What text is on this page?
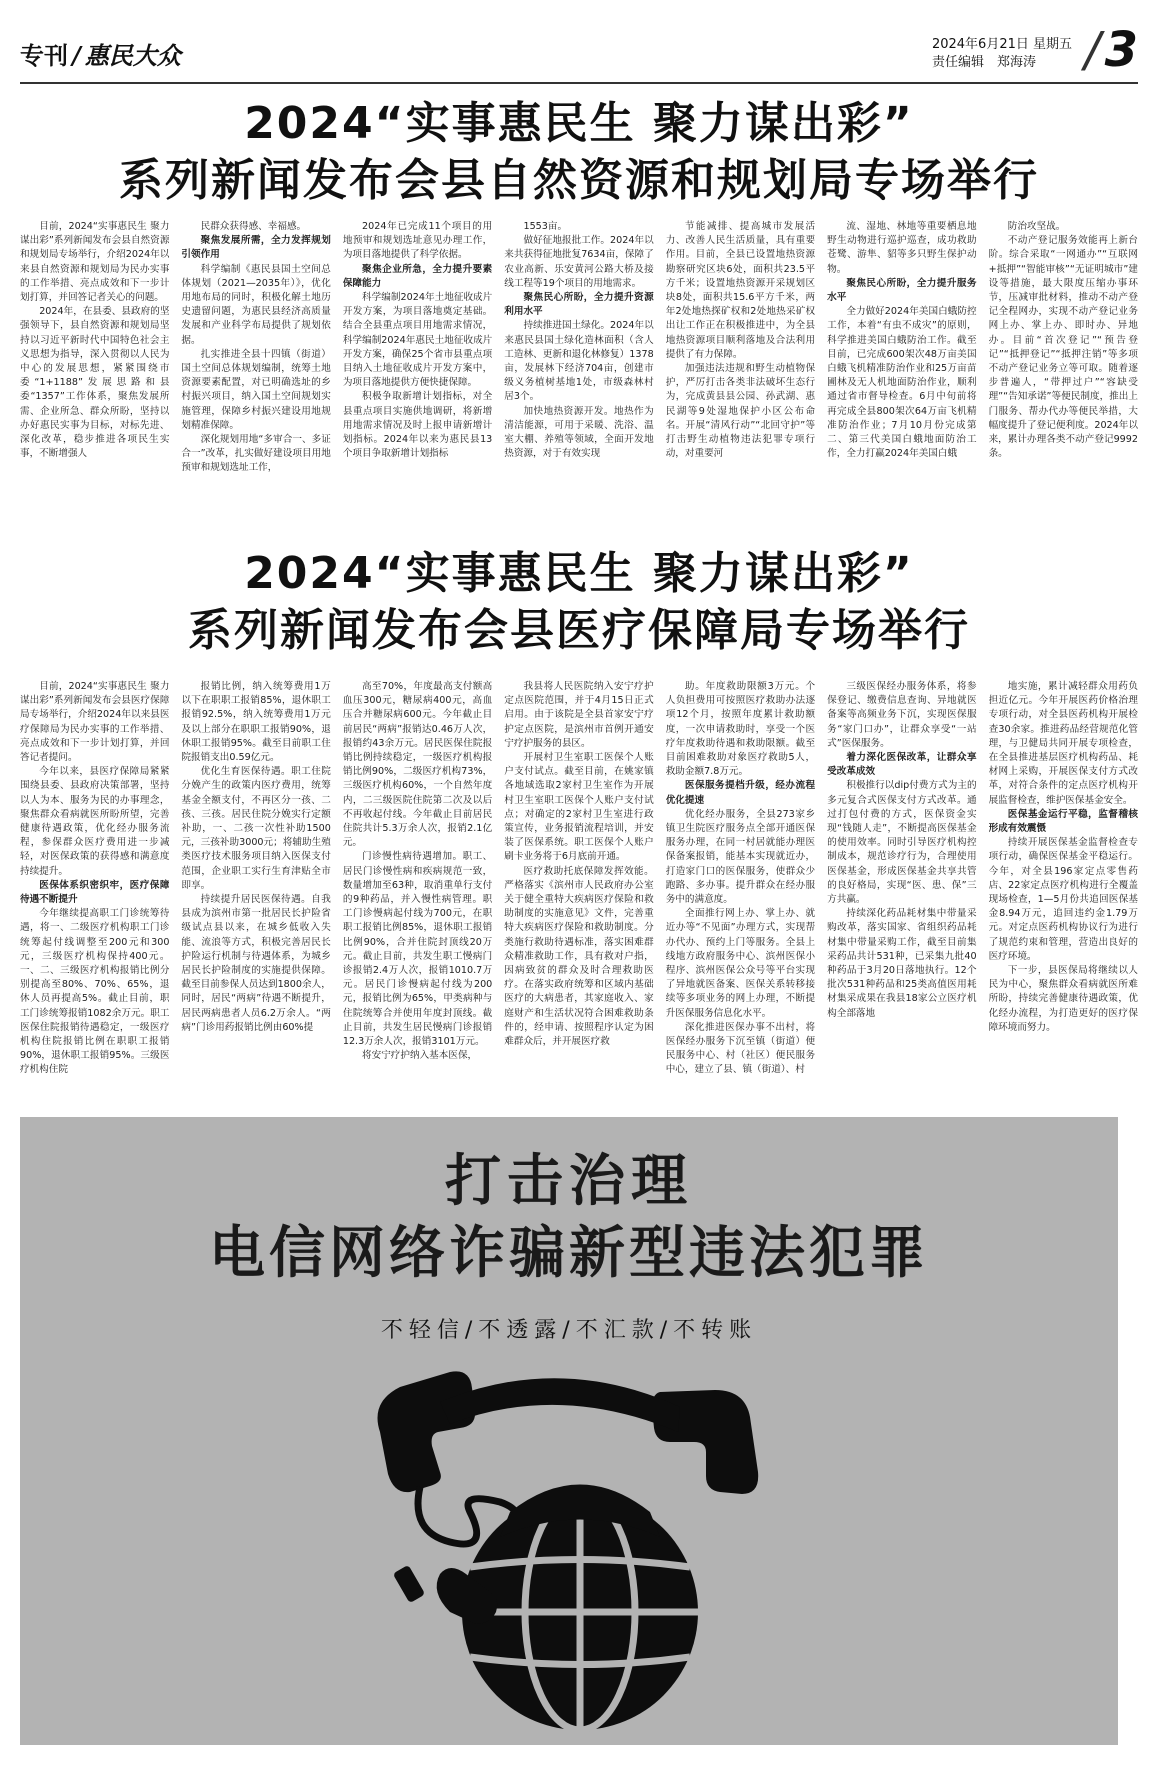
专刊 / 惠民大众	2024年6月21日 星期五
责任编辑　郑海涛	/3
2024“实事惠民生 聚力谋出彩”
系列新闻发布会县自然资源和规划局专场举行

目前，2024“实事惠民生 聚力谋出彩”系列新闻发布会县自然资源和规划局专场举行，介绍2024年以来县自然资源和规划局为民办实事的工作举措、亮点成效和下一步计划打算，并回答记者关心的问题。

2024年，在县委、县政府的坚强领导下，县自然资源和规划局坚持以习近平新时代中国特色社会主义思想为指导，深入贯彻以人民为中心的发展思想，紧紧围绕市委“1+1188”发展思路和县委“1357”工作体系，聚焦发展所需、企业所急、群众所盼，坚持以办好惠民实事为目标，对标先进、深化改革，稳步推进各项民生实事，不断增强人

民群众获得感、幸福感。

聚焦发展所需，全力发挥规划引领作用

科学编制《惠民县国土空间总体规划（2021—2035年）》，优化用地布局的同时，积极化解土地历史遗留问题，为惠民县经济高质量发展和产业科学布局提供了规划依据。

扎实推进全县十四镇（街道）国土空间总体规划编制，统筹土地资源要素配置，对已明确选址的乡村振兴项目，纳入国土空间规划实施管理，保障乡村振兴建设用地规划精准保障。

深化规划用地“多审合一、多证合一”改革，扎实做好建设项目用地预审和规划选址工作，

2024年已完成11个项目的用地预审和规划选址意见办理工作，为项目落地提供了科学依据。

聚焦企业所急，全力提升要素保障能力

科学编制2024年土地征收成片开发方案，为项目落地奠定基础。结合全县重点项目用地需求情况，科学编制2024年惠民土地征收成片开发方案，确保25个省市县重点项目纳入土地征收成片开发方案中，为项目落地提供方便快捷保障。

积极争取新增计划指标，对全县重点项目实施供地调研，将新增用地需求情况及时上报申请新增计划指标。2024年以来为惠民县13个项目争取新增计划指标

1553亩。

做好征地报批工作。2024年以来共获得征地批复7634亩，保障了农业高新、乐安黄河公路大桥及接线工程等19个项目的用地需求。

聚焦民心所盼，全力提升资源利用水平

持续推进国土绿化。2024年以来惠民县国土绿化造林面积（含人工造林、更新和退化林修复）1378亩，发展林下经济704亩，创建市级义务植树基地1处，市级森林村居3个。

加快地热资源开发。地热作为清洁能源，可用于采暖、洗浴、温室大棚、养殖等领域，全面开发地热资源，对于有效实现

节能减排、提高城市发展活力、改善人民生活质量，具有重要作用。目前，全县已设置地热资源勘察研究区块6处，面积共23.5平方千米；设置地热资源开采规划区块8处，面积共15.6平方千米，两年2处地热探矿权和2处地热采矿权出让工作正在积极推进中，为全县地热资源项目顺利落地及合法利用提供了有力保障。

加强违法违规和野生动植物保护，严厉打击各类非法破坏生态行为，完成黄县县公园、孙武湖、惠民湖等9处湿地保护小区公布命名。开展“清风行动”“北回守护”等打击野生动植物违法犯罪专项行动，对重要河

流、湿地、林地等重要栖息地野生动物进行巡护巡查，成功救助苍鹭、游隼、貂等多只野生保护动物。

聚焦民心所盼，全力提升服务水平

全力做好2024年美国白蛾防控工作，本着“有虫不成灾”的原则，科学推进美国白蛾防治工作。截至目前，已完成600架次48万亩美国白蛾飞机精准防治作业和25万亩苗圃林及无人机地面防治作业，顺利通过省市督导检查。6月中旬前将再完成全县800架次64万亩飞机精准防治作业；7月10月份完成第二、第三代美国白蛾地面防治工作，全力打赢2024年美国白蛾

防治攻坚战。

不动产登记服务效能再上新台阶。综合采取“一网通办”“互联网+抵押”“智能审核”“无证明城市”建设等措施，最大限度压缩办事环节，压减审批材料，推动不动产登记全程网办，实现不动产登记业务网上办、掌上办、即时办、异地办。目前“首次登记”“预告登记”“抵押登记”“抵押注销”等多项不动产登记业务立等可取。随着逐步普遍人，“带押过户”“容缺受理”“告知承诺”等便民制度，推出上门服务、帮办代办等便民举措，大幅度提升了登记便利度。2024年以来，累计办理各类不动产登记9992条。

2024“实事惠民生 聚力谋出彩”
系列新闻发布会县医疗保障局专场举行

目前，2024“实事惠民生 聚力谋出彩”系列新闻发布会县医疗保障局专场举行，介绍2024年以来县医疗保障局为民办实事的工作举措、亮点成效和下一步计划打算，并回答记者提问。

今年以来，县医疗保障局紧紧围绕县委、县政府决策部署，坚持以人为本、服务为民的办事理念，聚焦群众看病就医所盼所望，完善健康待遇政策，优化经办服务流程，参保群众医疗费用进一步减轻，对医保政策的获得感和满意度持续提升。

医保体系织密织牢，医疗保障待遇不断提升

今年继续提高职工门诊统筹待遇，将一、二级医疗机构职工门诊统筹起付线调整至200元和300元，三级医疗机构保持400元。一、二、三级医疗机构报销比例分别提高至80%、70%、65%，退休人员再提高5%。截止目前，职工门诊统筹报销1082余万元。职工医保住院报销待遇稳定，一级医疗机构住院报销比例在职职工报销90%，退休职工报销95%。三级医疗机构住院

报销比例，纳入统筹费用1万以下在职职工报销85%，退休职工报销92.5%，纳入统筹费用1万元及以上部分在职职工报销90%，退休职工报销95%。截至目前职工住院报销支出0.59亿元。

优化生育医保待遇。职工住院分娩产生的政策内医疗费用，统筹基金全额支付，不再区分一孩、二孩、三孩。居民住院分娩实行定额补助，一、二孩一次性补助1500元，三孩补助3000元；将辅助生殖类医疗技术服务项目纳入医保支付范围，企业职工实行生育津贴全市即享。

持续提升居民医保待遇。自我县成为滨州市第一批居民长护险省级试点县以来，在城乡低收入失能、流浪等方式，积极完善居民长护险运行机制与待遇体系，为城乡居民长护险制度的实施提供保障。截至目前参保人员达到1800余人，同时，居民“两病”待遇不断提升，居民两病患者人员6.2万余人。“两病”门诊用药报销比例由60%提

高至70%，年度最高支付额高血压300元，糖尿病400元，高血压合并糖尿病600元。今年截止目前居民“两病”报销达0.46万人次，报销约43余万元。居民医保住院报销比例持续稳定，一级医疗机构报销比例90%，二级医疗机构73%，三级医疗机构60%，一个自然年度内，二三级医院住院第二次及以后不再收起付线。今年截止目前居民住院共计5.3万余人次，报销2.1亿元。

门诊慢性病待遇增加。职工、居民门诊慢性病和疾病规范一致，数量增加至63种，取消重单行支付的9种药品，并入慢性病管理。职工门诊慢病起付线为700元，在职职工报销比例85%，退休职工报销比例90%，合并住院封顶线20万元。截止目前，共发生职工慢病门诊报销2.4万人次，报销1010.7万元。居民门诊慢病起付线为200元，报销比例为65%，甲类病种与住院统筹合并使用年度封顶线。截止目前，共发生居民慢病门诊报销12.3万余人次，报销3101万元。

将安宁疗护纳入基本医保，

我县将人民医院纳入安宁疗护定点医院范围，并于4月15日正式启用。由于该院是全县首家安宁疗护定点医院，是滨州市首例开通安宁疗护服务的县区。

开展村卫生室职工医保个人账户支付试点。截至目前，在姚家镇各地域选取2家村卫生室作为开展村卫生室职工医保个人账户支付试点；对确定的2家村卫生室进行政策宣传，业务报销流程培训，并安装了医保系统。职工医保个人账户刷卡业务将于6月底前开通。

医疗救助托底保障发挥效能。严格落实《滨州市人民政府办公室关于健全重特大疾病医疗保险和救助制度的实施意见》文件，完善重特大疾病医疗保险和救助制度。分类施行救助待遇标准，落实困难群众精准救助工作，具有救对户指，因病致贫的群众及时合理救助医疗。在落实政府统筹和区域内基础医疗的大病患者，其家庭收入、家庭财产和生活状况符合困难救助条件的，经申请、按照程序认定为困难群众后，并开展医疗救

助。年度救助限额3万元。个人负担费用可按照医疗救助办法逐项12个月，按照年度累计救助额度，一次申请救助时，享受一个医疗年度救助待遇和救助限额。截至目前困难救助对象医疗救助5人，救助金额7.8万元。

医保服务提档升级，经办流程优化提速

优化经办服务，全县273家乡镇卫生院医疗服务点全部开通医保服务办理，在同一村居就能办理医保备案报销，能基本实现就近办，打造家门口的医保服务，使群众少跑路、多办事。提升群众在经办服务中的满意度。

全面推行网上办、掌上办、就近办等“不见面”办理方式，实现帮办代办、预约上门等服务。全县上线地方政府服务中心、滨州医保小程序、滨州医保公众号等平台实现了异地就医备案、医保关系转移接续等多项业务的网上办理，不断提升医保服务信息化水平。

深化推进医保办事不出村，将医保经办服务下沉至镇（街道）便民服务中心、村（社区）便民服务中心，建立了县、镇（街道）、村

三级医保经办服务体系，将参保登记、缴费信息查询、异地就医备案等高频业务下沉，实现医保服务“家门口办”，让群众享受“一站式”医保服务。

着力深化医保改革，让群众享受改革成效

积极推行以dip付费方式为主的多元复合式医保支付方式改革。通过打包付费的方式，医保资金实现“钱随人走”，不断提高医保基金的使用效率。同时引导医疗机构控制成本，规范诊疗行为，合理使用医保基金，形成医保基金共享共管的良好格局，实现“医、患、保”三方共赢。

持续深化药品耗材集中带量采购改革，落实国家、省组织药品耗材集中带量采购工作，截至目前集采药品共计531种，已采集九批40种药品于3月20日落地执行。12个批次531种药品和25类高值医用耗材集采成果在我县18家公立医疗机构全部落地

地实施，累计减轻群众用药负担近亿元。今年开展医药价格治理专项行动，对全县医药机构开展检查30余家。推进药品经营规范化管理，与卫健局共同开展专项检查，在全县推进基层医疗机构药品、耗材网上采购，开展医保支付方式改革，对符合条件的定点医疗机构开展监督检查，维护医保基金安全。

医保基金运行平稳，监督稽核形成有效震慑

持续开展医保基金监督检查专项行动，确保医保基金平稳运行。今年，对全县196家定点零售药店、22家定点医疗机构进行全覆盖现场检查，1—5月份共追回医保基金8.94万元，追回违约金1.79万元。对定点医药机构协议行为进行了规范约束和管理，营造出良好的医疗环境。

下一步，县医保局将继续以人民为中心，聚焦群众看病就医所难所盼，持续完善健康待遇政策，优化经办流程，为打造更好的医疗保障环境而努力。

打击治理
电信网络诈骗新型违法犯罪
不轻信/不透露/不汇款/不转账
